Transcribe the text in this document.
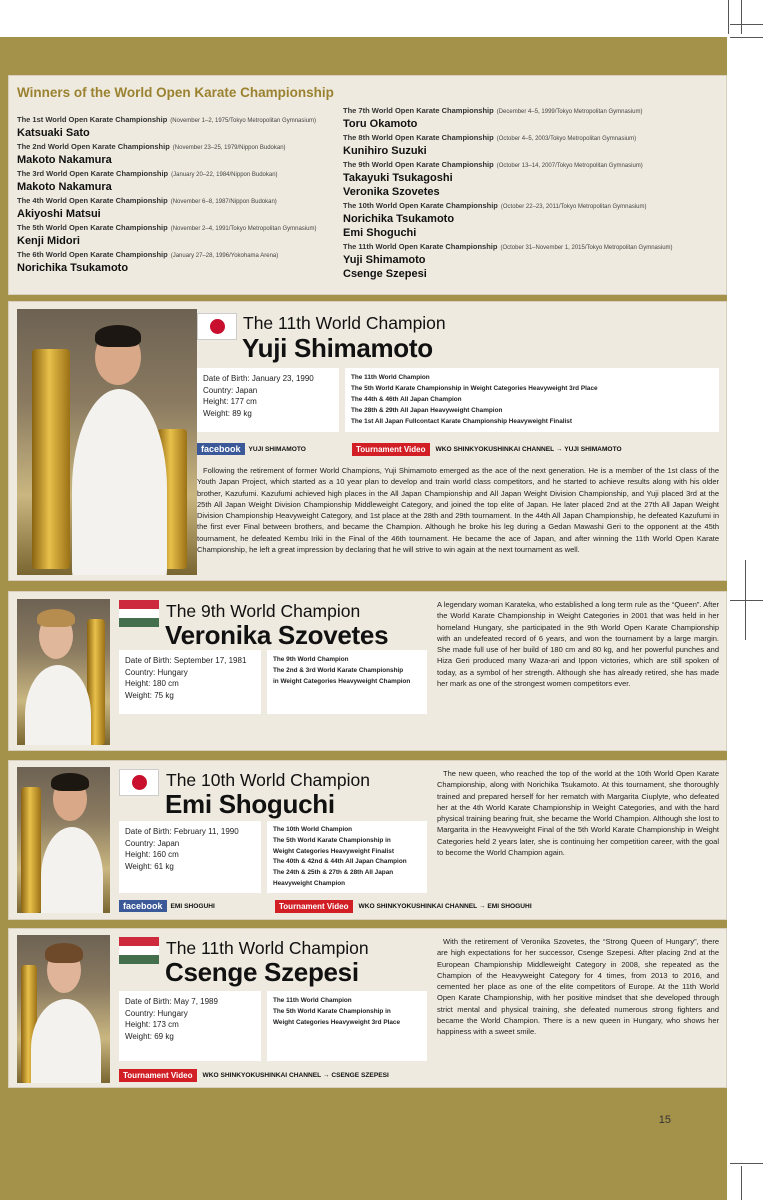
Winners of the World Open Karate Championship
The 1st World Open Karate Championship (November 1–2, 1975/Tokyo Metropolitan Gymnasium)
Katsuaki Sato
The 2nd World Open Karate Championship (November 23–25, 1979/Nippon Budokan)
Makoto Nakamura
The 3rd World Open Karate Championship (January 20–22, 1984/Nippon Budokan)
Makoto Nakamura
The 4th World Open Karate Championship (November 6–8, 1987/Nippon Budokan)
Akiyoshi Matsui
The 5th World Open Karate Championship (November 2–4, 1991/Tokyo Metropolitan Gymnasium)
Kenji Midori
The 6th World Open Karate Championship (January 27–28, 1996/Yokohama Arena)
Norichika Tsukamoto
The 7th World Open Karate Championship (December 4–5, 1999/Tokyo Metropolitan Gymnasium)
Toru Okamoto
The 8th World Open Karate Championship (October 4–5, 2003/Tokyo Metropolitan Gymnasium)
Kunihiro Suzuki
The 9th World Open Karate Championship (October 13–14, 2007/Tokyo Metropolitan Gymnasium)
Takayuki Tsukagoshi
Veronika Szovetes
The 10th World Open Karate Championship (October 22–23, 2011/Tokyo Metropolitan Gymnasium)
Norichika Tsukamoto
Emi Shoguchi
The 11th World Open Karate Championship (October 31–November 1, 2015/Tokyo Metropolitan Gymnasium)
Yuji Shimamoto
Csenge Szepesi
The 11th World Champion
Yuji Shimamoto
Date of Birth: January 23, 1990
Country: Japan
Height: 177 cm
Weight: 89 kg
The 11th World Champion
The 5th World Karate Championship in Weight Categories Heavyweight 3rd Place
The 44th & 46th All Japan Champion
The 28th & 29th All Japan Heavyweight Champion
The 1st All Japan Fullcontact Karate Championship Heavyweight Finalist
facebook	YUJI SHIMAMOTO	Tournament Video	WKO SHINKYOKUSHINKAI CHANNEL → YUJI SHIMAMOTO
Following the retirement of former World Champions, Yuji Shimamoto emerged as the ace of the next generation. He is a member of the 1st class of the Youth Japan Project, which started as a 10 year plan to develop and train world class competitors, and he started to achieve results along with his older brother, Kazufumi. Kazufumi achieved high places in the All Japan Championship and All Japan Weight Division Championship, and Yuji placed 3rd at the 25th All Japan Weight Division Championship Middleweight Category, and joined the top elite of Japan. He later placed 2nd at the 27th All Japan Weight Division Championship Heavyweight Category, and 1st place at the 28th and 29th tournament. In the 44th All Japan Championship, he defeated Kazufumi in the first ever Final between brothers, and became the Champion. Although he broke his leg during a Gedan Mawashi Geri to the opponent at the 45th tournament, he defeated Kembu Iriki in the Final of the 46th tournament. He became the ace of Japan, and after winning the 11th World Open Karate Championship, he left a great impression by declaring that he will strive to win again at the next tournament as well.
The 9th World Champion
Veronika Szovetes
Date of Birth: September 17, 1981
Country: Hungary
Height: 180 cm
Weight: 75 kg
The 9th World Champion
The 2nd & 3rd World Karate Championship
in Weight Categories Heavyweight Champion
A legendary woman Karateka, who established a long term rule as the “Queen”. After the World Karate Championship in Weight Categories in 2001 that was held in her homeland Hungary, she participated in the 9th World Open Karate Championship with an undefeated record of 6 years, and won the tournament by a large margin. She made full use of her build of 180 cm and 80 kg, and her powerful punches and Hiza Geri produced many Waza-ari and Ippon victories, which are still spoken of today, as a symbol of her strength. Although she has already retired, she has made her mark as one of the strongest women competitors ever.
The 10th World Champion
Emi Shoguchi
Date of Birth: February 11, 1990
Country: Japan
Height: 160 cm
Weight: 61 kg
The 10th World Champion
The 5th World Karate Championship in
Weight Categories Heavyweight Finalist
The 40th & 42nd & 44th All Japan Champion
The 24th & 25th & 27th & 28th All Japan
Heavyweight Champion
facebook	EMI SHOGUHI	Tournament Video	WKO SHINKYOKUSHINKAI CHANNEL → EMI SHOGUHI
The new queen, who reached the top of the world at the 10th World Open Karate Championship, along with Norichika Tsukamoto. At this tournament, she thoroughly trained and prepared herself for her rematch with Margarita Ciuplyte, who defeated her at the 4th World Karate Championship in Weight Categories, and with the hard physical training bearing fruit, she became the World Champion. Although she lost to Margarita in the Heavyweight Final of the 5th World Karate Championship in Weight Categories held 2 years later, she is continuing her competition career, with the goal to become the World Champion again.
The 11th World Champion
Csenge Szepesi
Date of Birth: May 7, 1989
Country: Hungary
Height: 173 cm
Weight: 69 kg
The 11th World Champion
The 5th World Karate Championship in
Weight Categories Heavyweight 3rd Place
Tournament Video	WKO SHINKYOKUSHINKAI CHANNEL → CSENGE SZEPESI
With the retirement of Veronika Szovetes, the “Strong Queen of Hungary”, there are high expectations for her successor, Csenge Szepesi. After placing 2nd at the European Championship Middleweight Category in 2008, she repeated as the Champion of the Heavyweight Category for 4 times, from 2013 to 2016, and cemented her place as one of the elite competitors of Europe. At the 11th World Open Karate Championship, with her positive mindset that she developed through strict mental and physical training, she defeated numerous strong fighters and became the World Champion. There is a new queen in Hungary, who shows her happiness with a sweet smile.
15
